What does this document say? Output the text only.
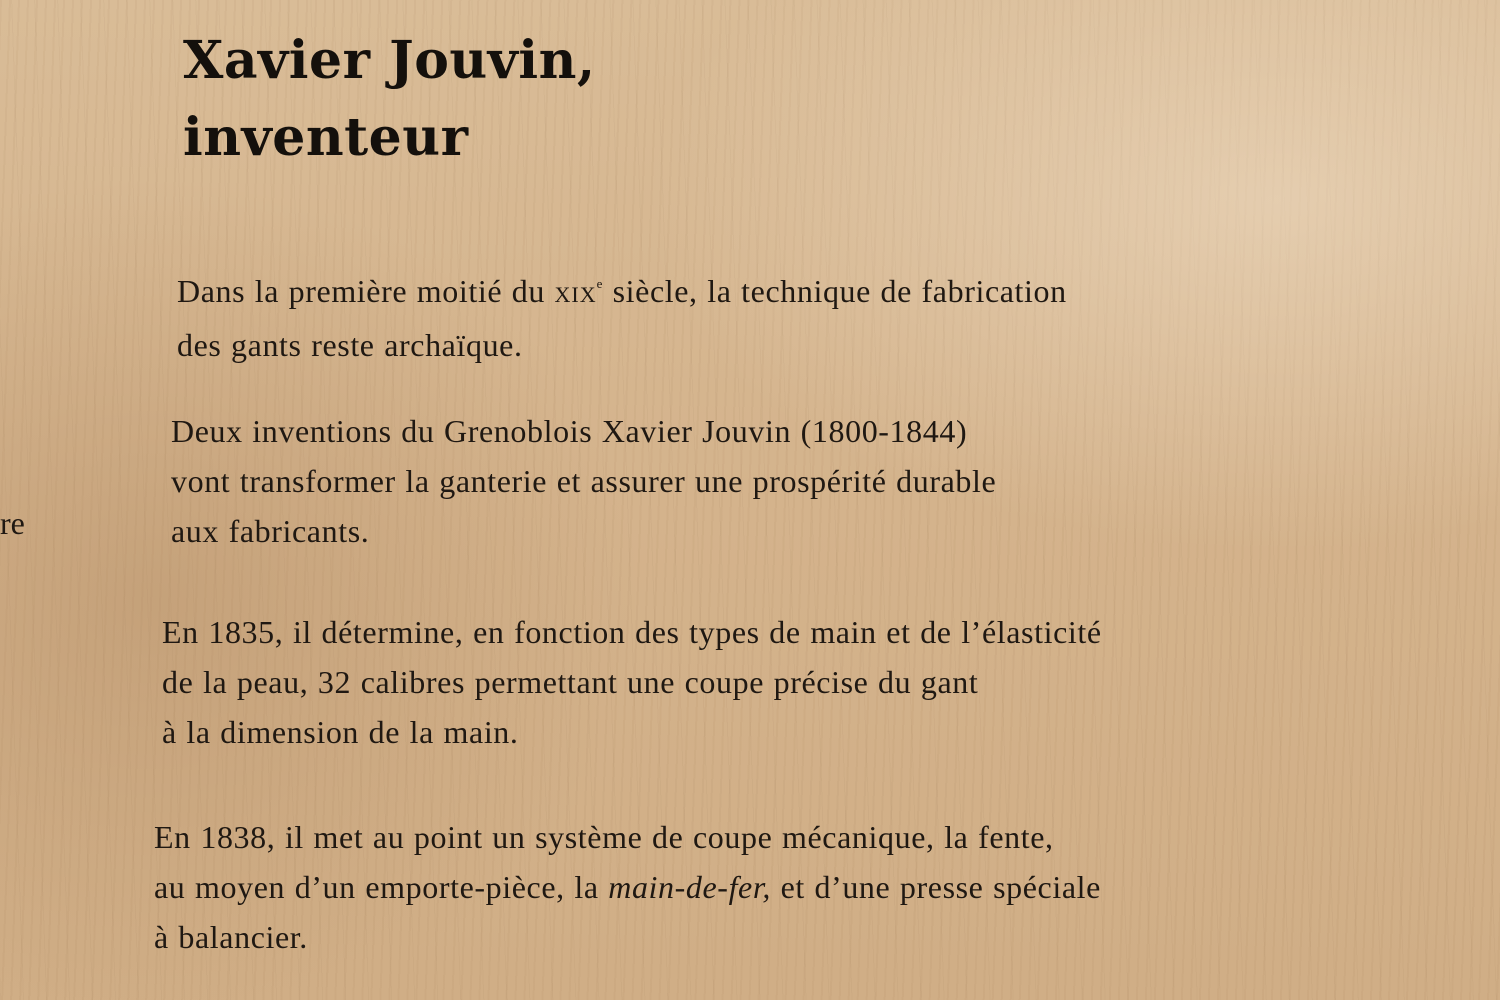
re
Xavier Jouvin,
inventeur

Dans la première moitié du XIXe siècle, la technique de fabrication
des gants reste archaïque.

Deux inventions du Grenoblois Xavier Jouvin (1800-1844)
vont transformer la ganterie et assurer une prospérité durable
aux fabricants.

En 1835, il détermine, en fonction des types de main et de l’élasticité
de la peau, 32 calibres permettant une coupe précise du gant
à la dimension de la main.

En 1838, il met au point un système de coupe mécanique, la fente,
au moyen d’un emporte-pièce, la main-de-fer, et d’une presse spéciale
à balancier.
